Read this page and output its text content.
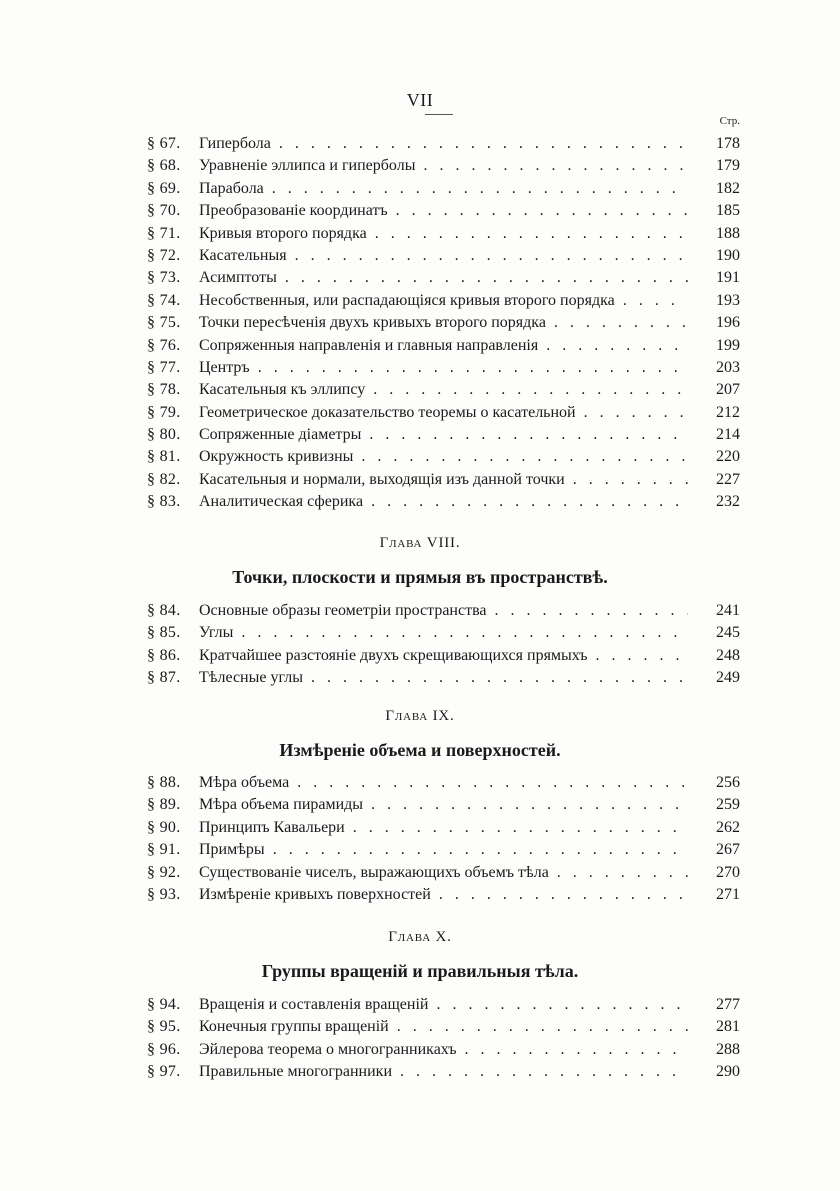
VII
Стр.
§ 67.	Гипербола . . .	178
§ 68.	Уравненіе эллипса и гиперболы . . .	179
§ 69.	Парабола . . .	182
§ 70.	Преобразованіе координатъ . . .	185
§ 71.	Кривыя второго порядка . . .	188
§ 72.	Касательныя . . .	190
§ 73.	Асимптоты . . .	191
§ 74.	Несобственныя, или распадающіяся кривыя второго порядка . . .	193
§ 75.	Точки пересѣченія двухъ кривыхъ второго порядка . . .	196
§ 76.	Сопряженныя направленія и главныя направленія . . .	199
§ 77.	Центръ . . .	203
§ 78.	Касательныя къ эллипсу . . .	207
§ 79.	Геометрическое доказательство теоремы о касательной . . .	212
§ 80.	Сопряженные діаметры . . .	214
§ 81.	Окружность кривизны . . .	220
§ 82.	Касательныя и нормали, выходящія изъ данной точки . . .	227
§ 83.	Аналитическая сферика . . .	232
Глава VIII.
Точки, плоскости и прямыя въ пространствѣ.
§ 84.	Основные образы геометріи пространства . . .	241
§ 85.	Углы . . .	245
§ 86.	Кратчайшее разстояніе двухъ скрещивающихся прямыхъ . . .	248
§ 87.	Тѣлесные углы . . .	249
Глава IX.
Измѣреніе объема и поверхностей.
§ 88.	Мѣра объема . . .	256
§ 89.	Мѣра объема пирамиды . . .	259
§ 90.	Принципъ Кавальери . . .	262
§ 91.	Примѣры . . .	267
§ 92.	Существованіе чиселъ, выражающихъ объемъ тѣла . . .	270
§ 93.	Измѣреніе кривыхъ поверхностей . . .	271
Глава X.
Группы вращеній и правильныя тѣла.
§ 94.	Вращенія и составленія вращеній . . .	277
§ 95.	Конечныя группы вращеній . . .	281
§ 96.	Эйлерова теорема о многогранникахъ . . .	288
§ 97.	Правильные многогранники . . .	290
